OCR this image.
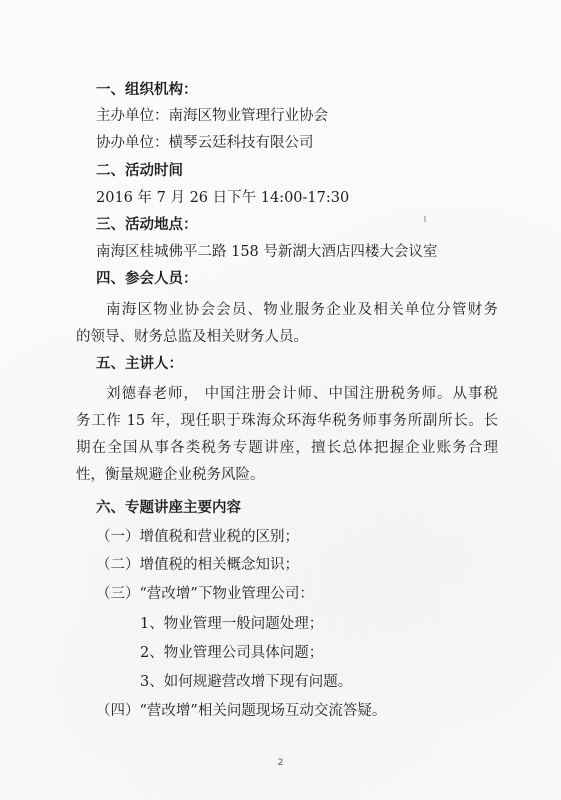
一、组织机构：
主办单位：南海区物业管理行业协会
协办单位：横琴云廷科技有限公司
二、活动时间
2016 年 7 月 26 日下午 14:00-17:30
三、活动地点：
南海区桂城佛平二路 158 号新湖大酒店四楼大会议室
四、参会人员：
南海区物业协会会员、物业服务企业及相关单位分管财务
的领导、财务总监及相关财务人员。
五、主讲人：
刘德春老师， 中国注册会计师、中国注册税务师。从事税
务工作 15 年，现任职于珠海众环海华税务师事务所副所长。长
期在全国从事各类税务专题讲座，擅长总体把握企业账务合理
性，衡量规避企业税务风险。
六、专题讲座主要内容
（一）增值税和营业税的区别；
（二）增值税的相关概念知识；
（三）“营改增”下物业管理公司：
1、物业管理一般问题处理；
2、物业管理公司具体问题；
3、如何规避营改增下现有问题。
（四）“营改增”相关问题现场互动交流答疑。
2
